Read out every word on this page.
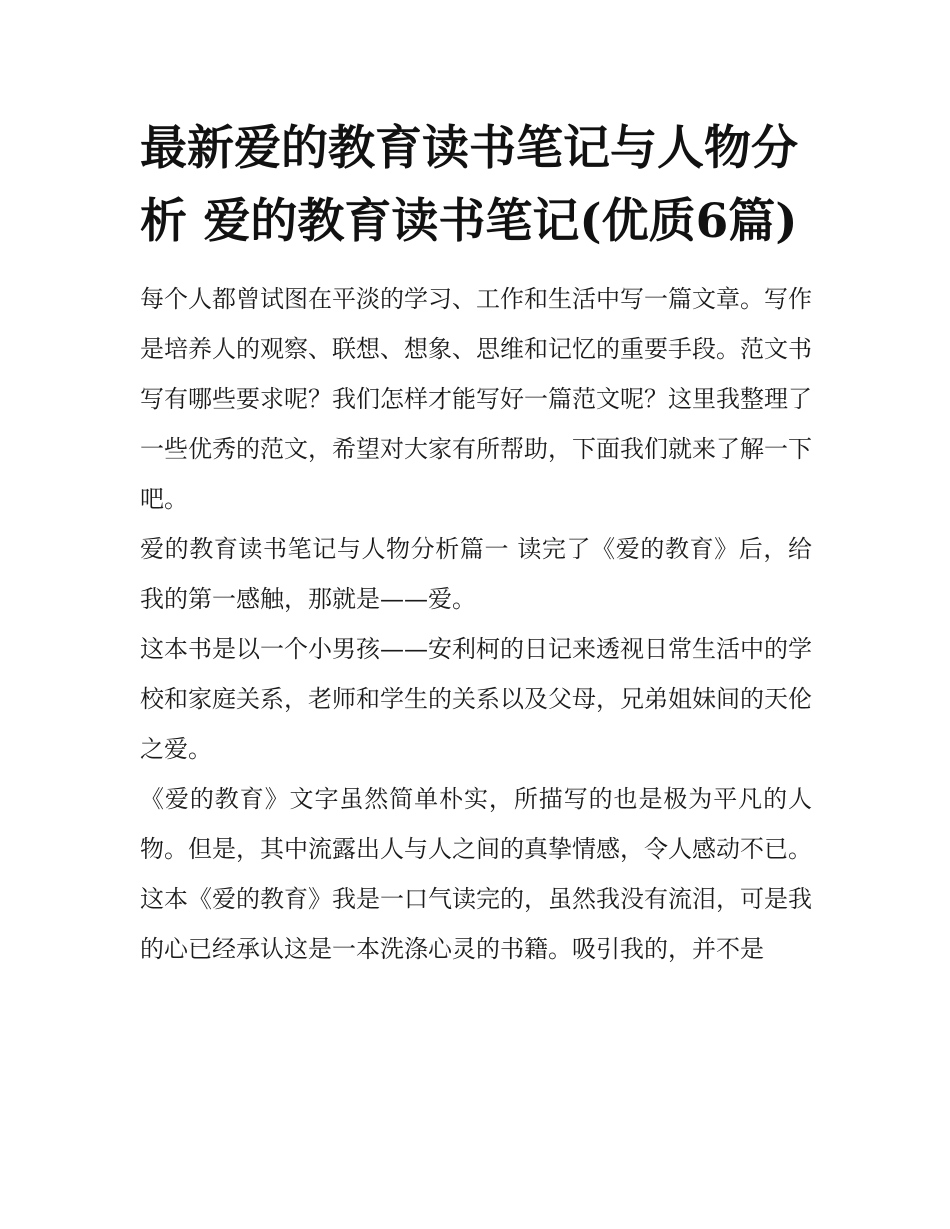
最新爱的教育读书笔记与人物分析 爱的教育读书笔记(优质6篇)

每个人都曾试图在平淡的学习、工作和生活中写一篇文章。写作是培养人的观察、联想、想象、思维和记忆的重要手段。范文书写有哪些要求呢？我们怎样才能写好一篇范文呢？这里我整理了一些优秀的范文，希望对大家有所帮助，下面我们就来了解一下吧。

爱的教育读书笔记与人物分析篇一 读完了《爱的教育》后，给我的第一感触，那就是——爱。

这本书是以一个小男孩——安利柯的日记来透视日常生活中的学校和家庭关系，老师和学生的关系以及父母，兄弟姐妹间的天伦之爱。

《爱的教育》文字虽然简单朴实，所描写的也是极为平凡的人物。但是，其中流露出人与人之间的真挚情感，令人感动不已。

这本《爱的教育》我是一口气读完的，虽然我没有流泪，可是我的心已经承认这是一本洗涤心灵的书籍。吸引我的，并不是
